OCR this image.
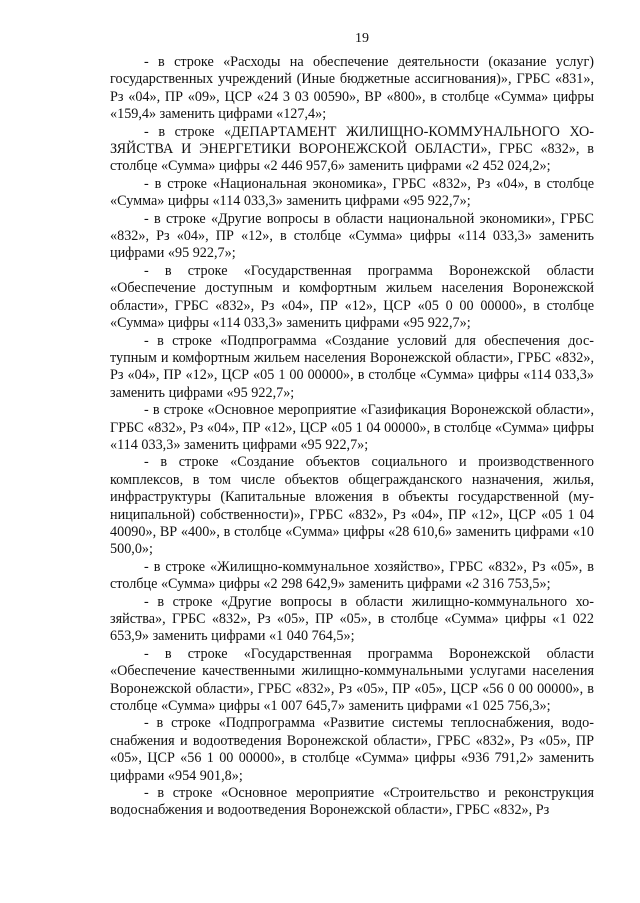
19

- в строке «Расходы на обеспечение деятельности (оказание услуг) государственных учреждений (Иные бюджетные ассигнования)», ГРБС «831», Рз «04», ПР «09», ЦСР «24 3 03 00590», ВР «800», в столбце «Сумма» цифры «159,4» заменить цифрами «127,4»;

- в строке «ДЕПАРТАМЕНТ ЖИЛИЩНО-КОММУНАЛЬНОГО ХОЗЯЙСТВА И ЭНЕРГЕТИКИ ВОРОНЕЖСКОЙ ОБЛАСТИ», ГРБС «832», в столбце «Сумма» цифры «2 446 957,6» заменить цифрами «2 452 024,2»;

- в строке «Национальная экономика», ГРБС «832», Рз «04», в столбце «Сумма» цифры «114 033,3» заменить цифрами «95 922,7»;

- в строке «Другие вопросы в области национальной экономики», ГРБС «832», Рз «04», ПР «12», в столбце «Сумма» цифры «114 033,3» заменить цифрами «95 922,7»;

- в строке «Государственная программа Воронежской области «Обеспечение доступным и комфортным жильем населения Воронежской области», ГРБС «832», Рз «04», ПР «12», ЦСР «05 0 00 00000», в столбце «Сумма» цифры «114 033,3» заменить цифрами «95 922,7»;

- в строке «Подпрограмма «Создание условий для обеспечения доступным и комфортным жильем населения Воронежской области», ГРБС «832», Рз «04», ПР «12», ЦСР «05 1 00 00000», в столбце «Сумма» цифры «114 033,3» заменить цифрами «95 922,7»;

- в строке «Основное мероприятие «Газификация Воронежской области», ГРБС «832», Рз «04», ПР «12», ЦСР «05 1 04 00000», в столбце «Сумма» цифры «114 033,3» заменить цифрами «95 922,7»;

- в строке «Создание объектов социального и производственного комплексов, в том числе объектов общегражданского назначения, жилья, инфраструктуры (Капитальные вложения в объекты государственной (муниципальной) собственности)», ГРБС «832», Рз «04», ПР «12», ЦСР «05 1 04 40090», ВР «400», в столбце «Сумма» цифры «28 610,6» заменить цифрами «10 500,0»;

- в строке «Жилищно-коммунальное хозяйство», ГРБС «832», Рз «05», в столбце «Сумма» цифры «2 298 642,9» заменить цифрами «2 316 753,5»;

- в строке «Другие вопросы в области жилищно-коммунального хозяйства», ГРБС «832», Рз «05», ПР «05», в столбце «Сумма» цифры «1 022 653,9» заменить цифрами «1 040 764,5»;

- в строке «Государственная программа Воронежской области «Обеспечение качественными жилищно-коммунальными услугами населения Воронежской области», ГРБС «832», Рз «05», ПР «05», ЦСР «56 0 00 00000», в столбце «Сумма» цифры «1 007 645,7» заменить цифрами «1 025 756,3»;

- в строке «Подпрограмма «Развитие системы теплоснабжения, водоснабжения и водоотведения Воронежской области», ГРБС «832», Рз «05», ПР «05», ЦСР «56 1 00 00000», в столбце «Сумма» цифры «936 791,2» заменить цифрами «954 901,8»;

- в строке «Основное мероприятие «Строительство и реконструкция водоснабжения и водоотведения Воронежской области», ГРБС «832», Рз
